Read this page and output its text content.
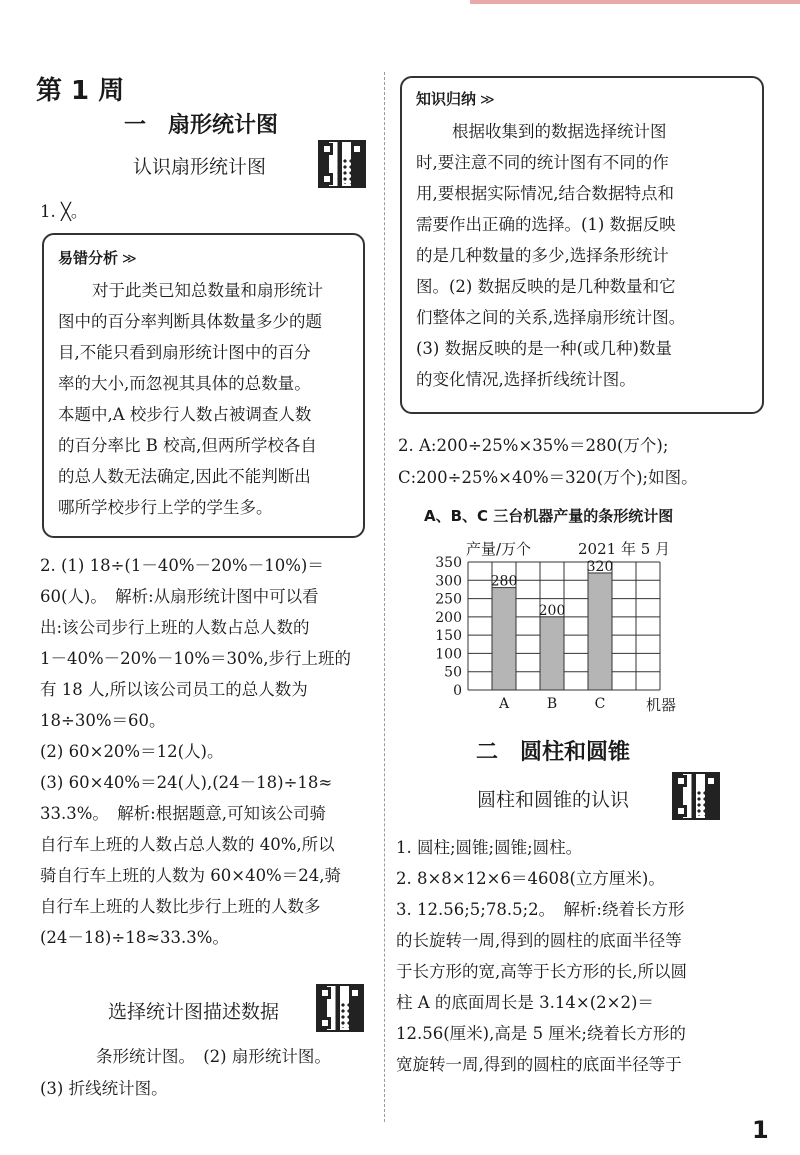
第 1 周
一　扇形统计图
认识扇形统计图
1. ╳。
易错分析 ≫
对于此类已知总数量和扇形统计
图中的百分率判断具体数量多少的题
目,不能只看到扇形统计图中的百分
率的大小,而忽视其具体的总数量。
本题中,A 校步行人数占被调查人数
的百分率比 B 校高,但两所学校各自
的总人数无法确定,因此不能判断出
哪所学校步行上学的学生多。
2. (1) 18÷(1－40%－20%－10%)＝
60(人)。　解析:从扇形统计图中可以看
出:该公司步行上班的人数占总人数的
1－40%－20%－10%＝30%,步行上班的
有 18 人,所以该公司员工的总人数为
18÷30%＝60。
(2) 60×20%＝12(人)。
(3) 60×40%＝24(人),(24－18)÷18≈
33.3%。　解析:根据题意,可知该公司骑
自行车上班的人数占总人数的 40%,所以
骑自行车上班的人数为 60×40%＝24,骑
自行车上班的人数比步行上班的人数多
(24－18)÷18≈33.3%。
选择统计图描述数据
条形统计图。　(2) 扇形统计图。
(3) 折线统计图。
知识归纳 ≫
根据收集到的数据选择统计图
时,要注意不同的统计图有不同的作
用,要根据实际情况,结合数据特点和
需要作出正确的选择。(1) 数据反映
的是几种数量的多少,选择条形统计
图。(2) 数据反映的是几种数量和它
们整体之间的关系,选择扇形统计图。
(3) 数据反映的是一种(或几种)数量
的变化情况,选择折线统计图。
2. A:200÷25%×35%＝280(万个);
C:200÷25%×40%＝320(万个);如图。
A、B、C 三台机器产量的条形统计图
0
50
100
150
200
250
300
350
280
A
200
B
320
C
产量/万个	2021 年 5 月
机器
二　圆柱和圆锥
圆柱和圆锥的认识
1. 圆柱;圆锥;圆锥;圆柱。
2. 8×8×12×6＝4608(立方厘米)。
3. 12.56;5;78.5;2。　解析:绕着长方形
的长旋转一周,得到的圆柱的底面半径等
于长方形的宽,高等于长方形的长,所以圆
柱 A 的底面周长是 3.14×(2×2)＝
12.56(厘米),高是 5 厘米;绕着长方形的
宽旋转一周,得到的圆柱的底面半径等于
1
